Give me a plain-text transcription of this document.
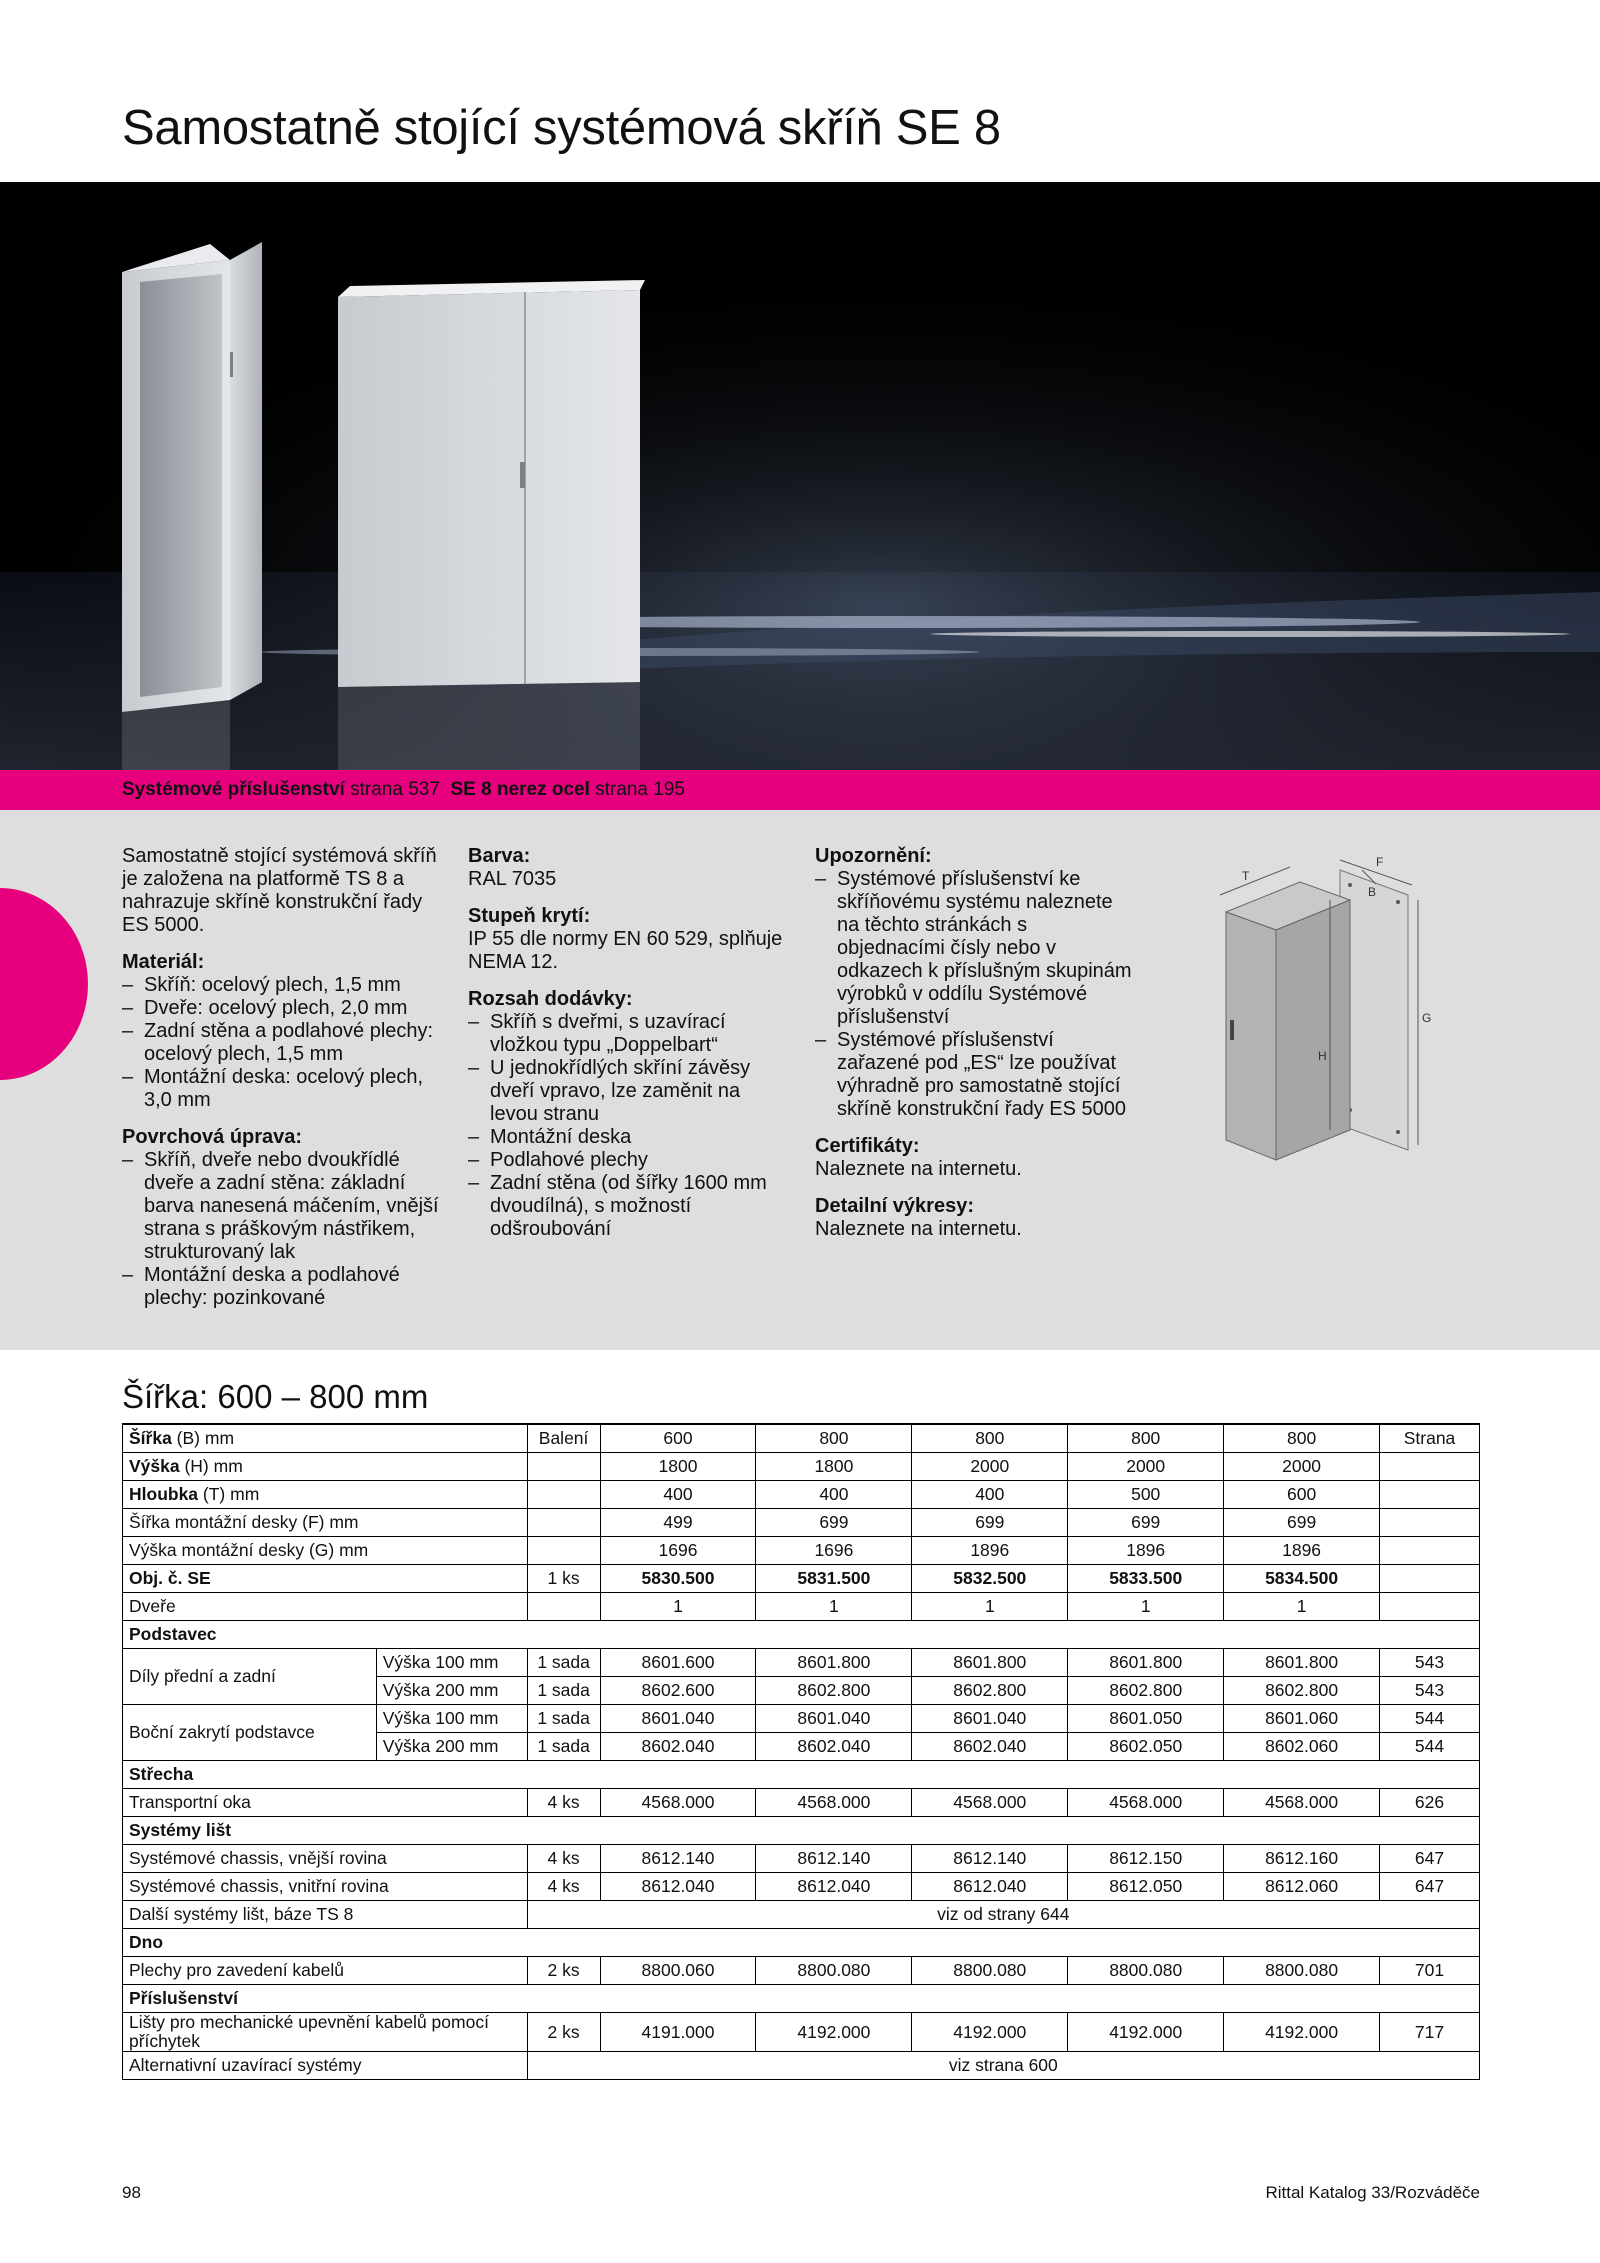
Samostatně stojící systémová skříň SE 8
Systémové příslušenství strana 537 SE 8 nerez ocel strana 195

Samostatně stojící systémová skříň je založena na platformě TS 8 a nahrazuje skříně konstrukční řady ES 5000.

Materiál:
– Skříň: ocelový plech, 1,5 mm
– Dveře: ocelový plech, 2,0 mm
– Zadní stěna a podlahové plechy: ocelový plech, 1,5 mm
– Montážní deska: ocelový plech, 3,0 mm
Povrchová úprava:
– Skříň, dveře nebo dvoukřídlé dveře a zadní stěna: základní barva nanesená máčením, vnější strana s práškovým nástřikem, strukturovaný lak
– Montážní deska a podlahové plechy: pozinkované
Barva:

RAL 7035

Stupeň krytí:

IP 55 dle normy EN 60 529, splňuje NEMA 12.

Rozsah dodávky:
– Skříň s dveřmi, s uzavírací vložkou typu „Doppelbart“
– U jednokřídlých skříní závěsy dveří vpravo, lze zaměnit na levou stranu
– Montážní deska
– Podlahové plechy
– Zadní stěna (od šířky 1600 mm dvoudílná), s možností odšroubování
Upozornění:
– Systémové příslušenství ke skříňovému systému naleznete na těchto stránkách s objednacími čísly nebo v odkazech k příslušným skupinám výrobků v oddílu Systémové příslušenství
– Systémové příslušenství zařazené pod „ES“ lze používat výhradně pro samostatně stojící skříně konstrukční řady ES 5000
Certifikáty:

Naleznete na internetu.

Detailní výkresy:

Naleznete na internetu.

T
F
B
G
H
Šířka: 600 – 800 mm
Šířka (B) mm		Balení	600	800	800	800	800	Strana
Výška (H) mm			1800	1800	2000	2000	2000	
Hloubka (T) mm			400	400	400	500	600	
Šířka montážní desky (F) mm			499	699	699	699	699	
Výška montážní desky (G) mm			1696	1696	1896	1896	1896	
Obj. č. SE		1 ks	5830.500	5831.500	5832.500	5833.500	5834.500	
Dveře			1	1	1	1	1	
Podstavec								
Díly přední a zadní	Výška 100 mm	1 sada	8601.600	8601.800	8601.800	8601.800	8601.800	543
	Výška 200 mm	1 sada	8602.600	8602.800	8602.800	8602.800	8602.800	543
Boční zakrytí podstavce	Výška 100 mm	1 sada	8601.040	8601.040	8601.040	8601.050	8601.060	544
	Výška 200 mm	1 sada	8602.040	8602.040	8602.040	8602.050	8602.060	544
Střecha								
Transportní oka		4 ks	4568.000	4568.000	4568.000	4568.000	4568.000	626
Systémy lišt								
Systémové chassis, vnější rovina		4 ks	8612.140	8612.140	8612.140	8612.150	8612.160	647
Systémové chassis, vnitřní rovina		4 ks	8612.040	8612.040	8612.040	8612.050	8612.060	647
Další systémy lišt, báze TS 8		viz od strany 644						
Dno								
Plechy pro zavedení kabelů		2 ks	8800.060	8800.080	8800.080	8800.080	8800.080	701
Příslušenství								
Lišty pro mechanické upevnění kabelů pomocí příchytek		2 ks	4191.000	4192.000	4192.000	4192.000	4192.000	717
Alternativní uzavírací systémy		viz strana 600						
98	Rittal Katalog 33/Rozváděče
